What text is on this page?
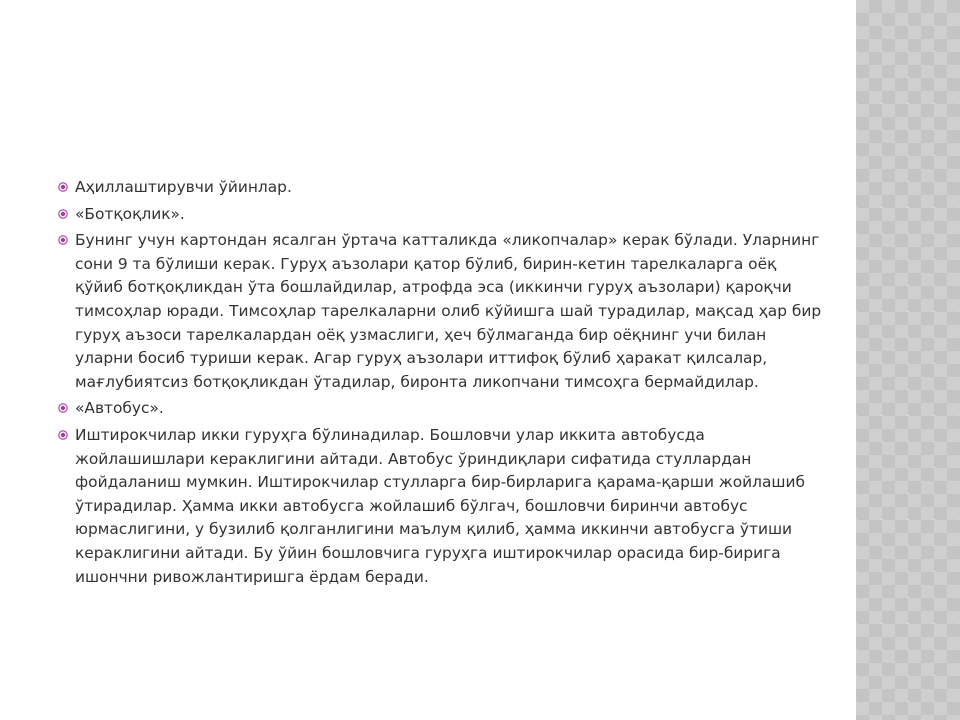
Аҳиллаштирувчи ўйинлар.
«Ботқоқлик».
Бунинг учун картондан ясалган ўртача катталикда «ликопчалар» керак бўлади. Уларнинг сони 9 та бўлиши керак. Гуруҳ аъзолари қатор бўлиб, бирин-кетин тарелкаларга оёқ қўйиб ботқоқликдан ўта бошлайдилар, атрофда эса (иккинчи гуруҳ аъзолари) қароқчи тимсоҳлар юради. Тимсоҳлар тарелкаларни олиб кўйишга шай турадилар, мақсад ҳар бир гуруҳ аъзоси тарелкалардан оёқ узмаслиги, ҳеч бўлмаганда бир оёқнинг учи билан уларни босиб туриши керак. Агар гуруҳ аъзолари иттифоқ бўлиб ҳаракат қилсалар, мағлубиятсиз ботқоқликдан ўтадилар, биронта ликопчани тимсоҳга бермайдилар.
«Автобус».
Иштирокчилар икки гуруҳга бўлинадилар. Бошловчи улар иккита автобусда жойлашишлари кераклигини айтади. Автобус ўриндиқлари сифатида стуллардан фойдаланиш мумкин. Иштирокчилар стулларга бир-бирларига қарама-қарши жойлашиб ўтирадилар. Ҳамма икки автобусга жойлашиб бўлгач, бошловчи биринчи автобус юрмаслигини, у бузилиб қолганлигини маълум қилиб, ҳамма иккинчи автобусга ўтиши кераклигини айтади. Бу ўйин бошловчига гуруҳга иштирокчилар орасида бир-бирига ишончни ривожлантиришга ёрдам беради.
